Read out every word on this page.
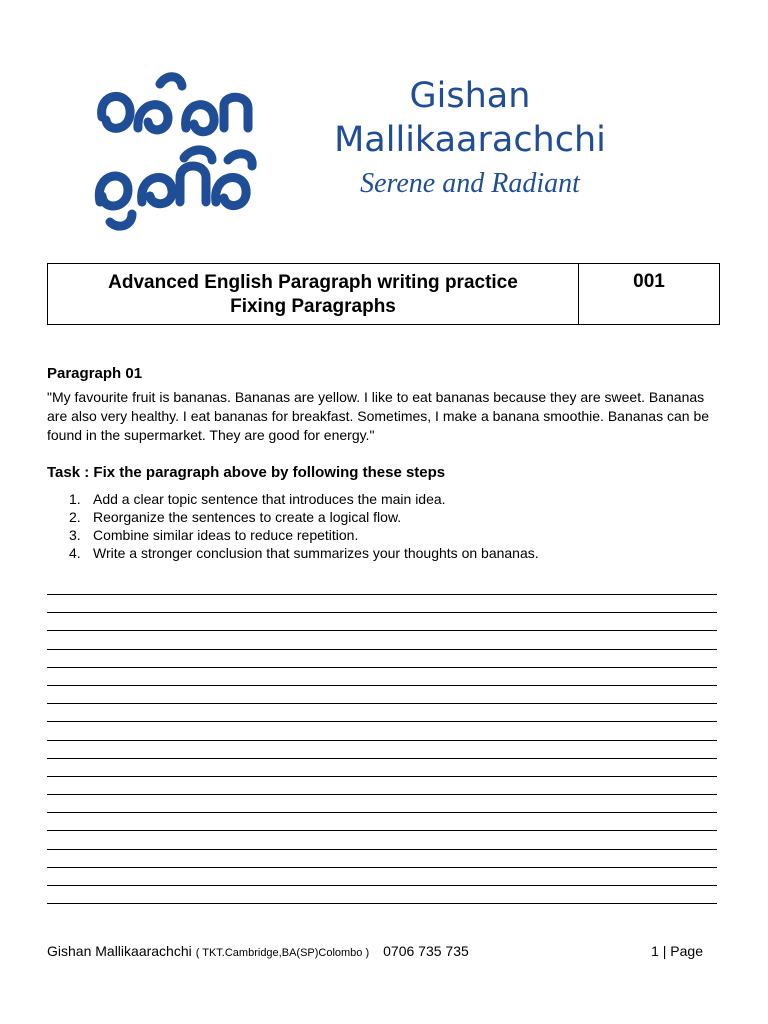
Gishan
Mallikaarachchi
Serene and Radiant
Advanced English Paragraph writing practice
Fixing Paragraphs
001
Paragraph 01
"My favourite fruit is bananas. Bananas are yellow. I like to eat bananas because they are sweet. Bananas are also very healthy. I eat bananas for breakfast. Sometimes, I make a banana smoothie. Bananas can be found in the supermarket. They are good for energy."
Task : Fix the paragraph above by following these steps
1. Add a clear topic sentence that introduces the main idea.
2. Reorganize the sentences to create a logical flow.
3. Combine similar ideas to reduce repetition.
4. Write a stronger conclusion that summarizes your thoughts on bananas.
Gishan Mallikaarachchi ( TKT.Cambridge,BA(SP)Colombo ) 0706 735 735	1 | Page
